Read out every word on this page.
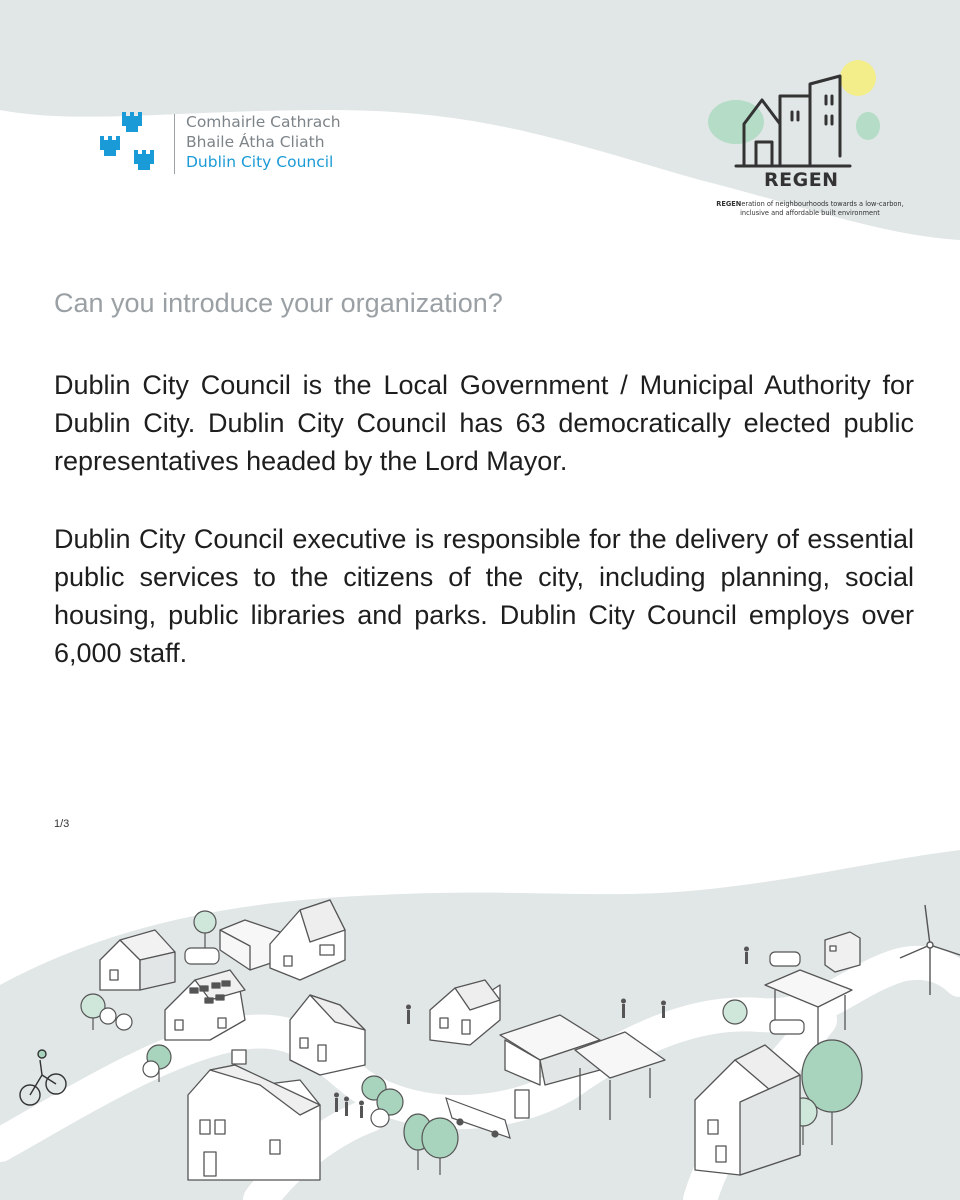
Comhairle Cathrach
Bhaile Átha Cliath
Dublin City Council
REGEN
REGENeration of neighbourhoods towards a low-carbon,
inclusive and affordable built environment
Can you introduce your organization?
Dublin City Council is the Local Government / Municipal Authority for Dublin City. Dublin City Council has 63 democratically elected public representatives headed by the Lord Mayor.
Dublin City Council executive is responsible for the delivery of essential public services to the citizens of the city, including planning, social housing, public libraries and parks. Dublin City Council employs over 6,000 staff.
1/3
